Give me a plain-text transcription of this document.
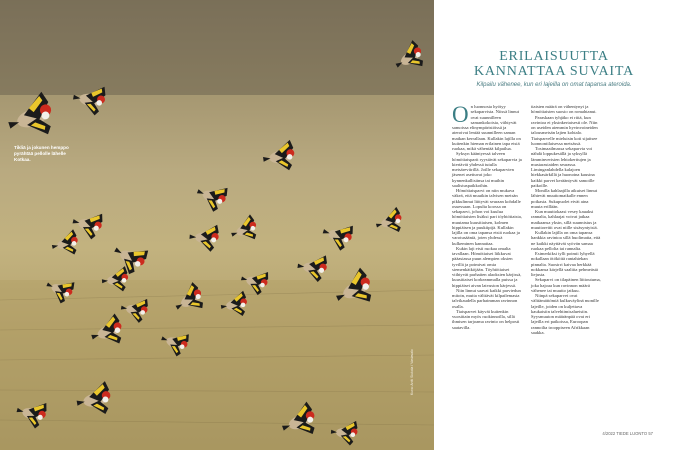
Tikliä ja jokunen hemppo pyrähtää pellolle lähelle Kotkaa.
Kuva: Antti Siukola / Vastavalo
ERILAISUUTTA
KANNATTAA SUVAITA
Kilpailu vähenee, kun eri lajeilla on omat tapansa ateroida.
O n luonnosta hyötyy sekaparvista. Niissä linnut ovat suunnilleen samankokoisia, viihtyvät samoissa elinympäristöissä ja ateroivat lentää suunnilleen saman matkan kerrallaan. Kullakin lajilla on kuitenkin hieman erilainen tapa etsiä ruokaa, mikä vähentää kilpailua.
Syksyn kääntyessä talveen hömötiaisparit ryystävät sekaparvia ja kiertävät yhdessä tutulla metsäreviirillä. Joille sekaparvien jäsenet asettuvat joko kynnenkallisiinsa tai muihin saalistuspaikkoihin.
Hömötiaisparvi on niin mukava väkeä, että muutkin talvisen metsän pikkulinnut liittyvät seuraan kohdalle osuessaan. Lopulta koossa on sekaparvi, johon voi kuulua hömötiaisten lisäksi pari töyhtötiaista, muutama kuusitiaisen, kolmen hippiäisen ja puukiipijä. Kullakin lajilla on oma tapansa etsiä ruokaa ja varotusääniä, joten yhdessä kulkeminen kannattaa.
Kukin laji etsii ruokaa omalta tavallaan. Hömötiaiset liikkuvat pääasiassa puun alempien oksien tyvillä ja poimivat omia siemenkätköjään. Töyhtötiaiset viihtyvät parhaiten alaoksien kärjissä, kuusitiaiset korkeammalla puissa ja hippiäiset aivan latvuston kärjessä.
Niin linnut saavat kaikki parviedun mitoin, mutta välttävät kilpailemasta talvikaudella parhaimman ravinnon osalla.
Tiaisparvet käyvät kuitenkin vuosittain myös ruokinnoilla, sillä ihmisen tarjoama ravinto on helposti saatavilla.
tiaisten määrä on vähentynyt ja hömötiaisten suosio on romahtanut.
Paraskaan tyhjäko ei riitä, kun ravintoa ei yksinkertaisesti ole. Niin on useiden aiemmin hyvinvoineiden talousmetsän lajien kohtalo. Tiaisparvelle mieluisin koti sijaitsee luonnontilaisessa metsässä.
Tosimaailmassa sekaparvia voi nähdä loppukesällä ja syksyllä lämminverisien lehtokerttujen ja mustarastaiden seurassa. Liminganlahdella kalajoen hiekkasärkillä ja huonoina kausina kaikki parvet kerääntyvät samoille paikoille.
Monilla kahlaajilla aikuiset linnut lähtevät muuttomatkalle ennen poikasia. Sukupuolet eivät aina muuta erillään.
Kun muuttokaasi vesey kauaksi rannalta, kahlaajat voivat jatkaa matkaansa yksin, sillä suunnistus ja muuttoreitit ovat niille sisäsyntyisiä.
Kullakin lajilla on oma tapansa hankkia ravintoa sillä huolimatta, että ne kaikki näyttävät syövän samaa ruokaa pellolta tai rannalta.
Esimerkiksi tylli poimii lyhyellä nokallaan ötököitä rantahiekan pinnalta. Suosirri kaivaa herkkää nokkansa kärjellä saaliita pehmeästä liejusta.
Sekaparvi on tilapäinen liittoutuma, joka hajoaa kun ravinnon määrä vähenee tai muutto jatkuu.
Niinpä sekaparvet ovat välttämättömiä kulkuväylinä monille lajeille, joiden on kuljettava kaukaisiin talvehtimisalueisiin. Syysmuuton määränpää ovat eri lajeilla eri paikoissa, Euroopan rannoilta trooppiseen Afrikkaan saakka.
4/2022 TIEDE LUONTO 57
